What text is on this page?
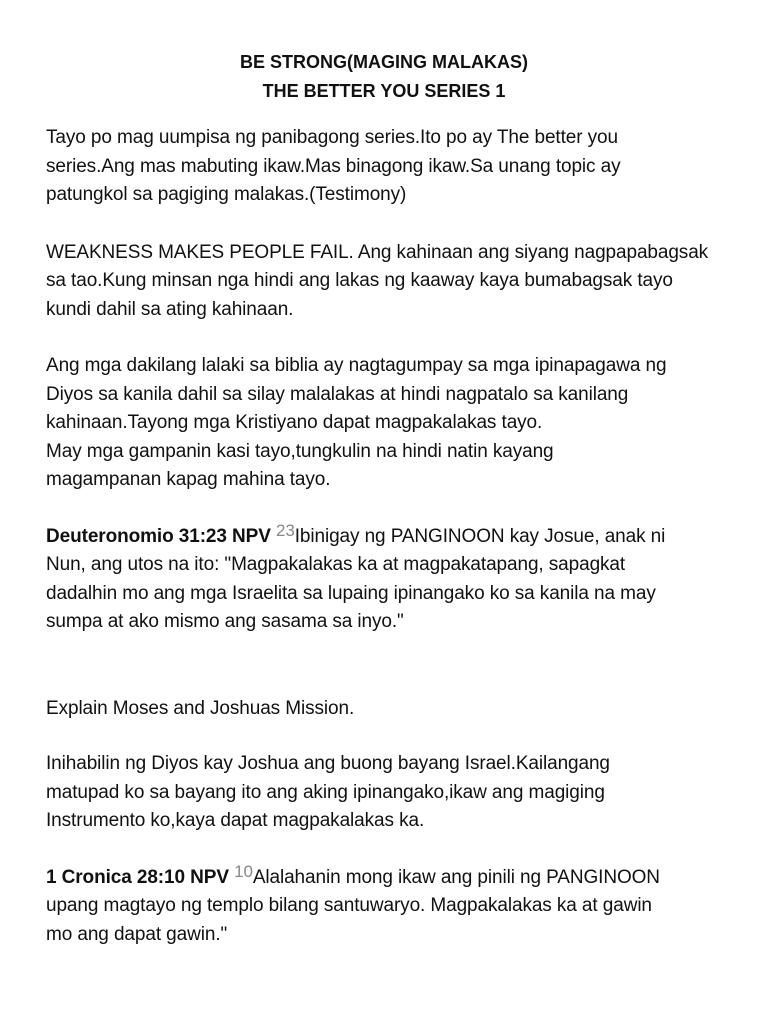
BE STRONG(MAGING MALAKAS)
THE BETTER YOU SERIES 1

Tayo po mag uumpisa ng panibagong series.Ito po ay The better you
series.Ang mas mabuting ikaw.Mas binagong ikaw.Sa unang topic ay
patungkol sa pagiging malakas.(Testimony)

WEAKNESS MAKES PEOPLE FAIL. Ang kahinaan ang siyang nagpapabagsak
sa tao.Kung minsan nga hindi ang lakas ng kaaway kaya bumabagsak tayo
kundi dahil sa ating kahinaan.

Ang mga dakilang lalaki sa biblia ay nagtagumpay sa mga ipinapagawa ng
Diyos sa kanila dahil sa silay malalakas at hindi nagpatalo sa kanilang
kahinaan.Tayong mga Kristiyano dapat magpakalakas tayo.
May mga gampanin kasi tayo,tungkulin na hindi natin kayang
magampanan kapag mahina tayo.

Deuteronomio 31:23 NPV 23Ibinigay ng PANGINOON kay Josue, anak ni
Nun, ang utos na ito: "Magpakalakas ka at magpakatapang, sapagkat
dadalhin mo ang mga Israelita sa lupaing ipinangako ko sa kanila na may
sumpa at ako mismo ang sasama sa inyo."

Explain Moses and Joshuas Mission.

Inihabilin ng Diyos kay Joshua ang buong bayang Israel.Kailangang
matupad ko sa bayang ito ang aking ipinangako,ikaw ang magiging
Instrumento ko,kaya dapat magpakalakas ka.

1 Cronica 28:10 NPV 10Alalahanin mong ikaw ang pinili ng PANGINOON
upang magtayo ng templo bilang santuwaryo. Magpakalakas ka at gawin
mo ang dapat gawin."
